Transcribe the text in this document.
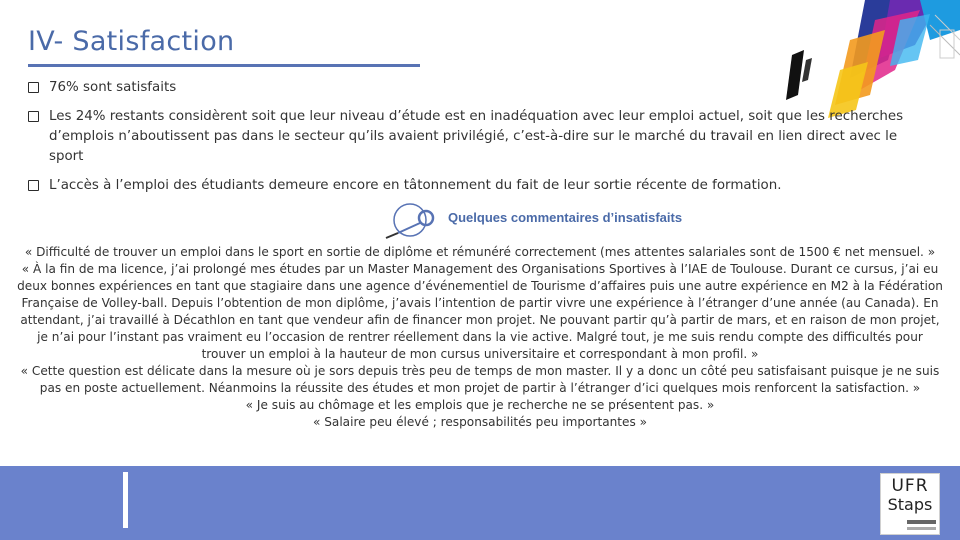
IV- Satisfaction
76% sont satisfaits
Les 24% restants considèrent soit que leur niveau d’étude est en inadéquation avec leur emploi actuel, soit que les recherches d’emplois n’aboutissent pas dans le secteur qu’ils avaient privilégié, c’est-à-dire sur le marché du travail en lien direct avec le sport
L’accès à l’emploi des étudiants demeure encore en tâtonnement du fait de leur sortie récente de formation.
Quelques commentaires d’insatisfaits

« Difficulté de trouver un emploi dans le sport en sortie de diplôme et rémunéré correctement (mes attentes salariales sont de 1500 € net mensuel. »

« À la fin de ma licence, j’ai prolongé mes études par un Master Management des Organisations Sportives à l’IAE de Toulouse. Durant ce cursus, j’ai eu deux bonnes expériences en tant que stagiaire dans une agence d’événementiel de Tourisme d’affaires puis une autre expérience en M2 à la Fédération Française de Volley-ball. Depuis l’obtention de mon diplôme, j’avais l’intention de partir vivre une expérience à l’étranger d’une année (au Canada). En attendant, j’ai travaillé à Décathlon en tant que vendeur afin de financer mon projet. Ne pouvant partir qu’à partir de mars, et en raison de mon projet, je n’ai pour l’instant pas vraiment eu l’occasion de rentrer réellement dans la vie active. Malgré tout, je me suis rendu compte des difficultés pour trouver un emploi à la hauteur de mon cursus universitaire et correspondant à mon profil. »

« Cette question est délicate dans la mesure où je sors depuis très peu de temps de mon master. Il y a donc un côté peu satisfaisant puisque je ne suis pas en poste actuellement. Néanmoins la réussite des études et mon projet de partir à l’étranger d’ici quelques mois renforcent la satisfaction. »

« Je suis au chômage et les emplois que je recherche ne se présentent pas. »

« Salaire peu élevé ; responsabilités peu importantes »

UFR
Staps
